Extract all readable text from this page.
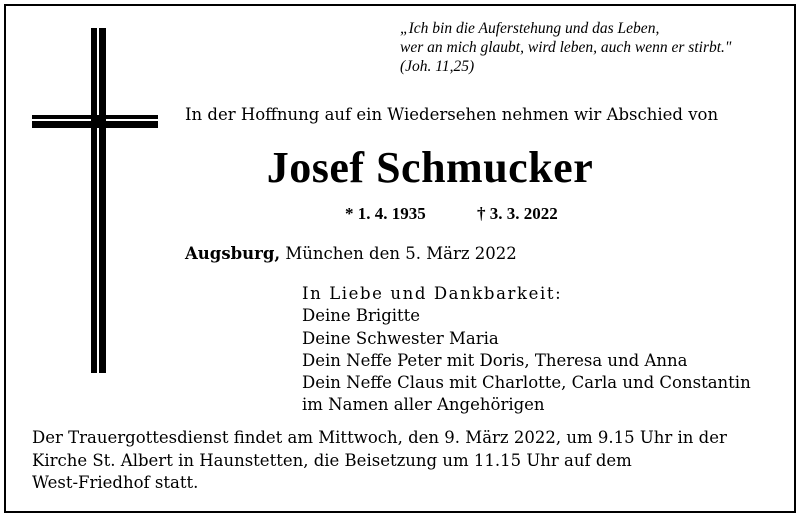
„Ich bin die Auferstehung und das Leben,
wer an mich glaubt, wird leben, auch wenn er stirbt."
(Joh. 11,25)
In der Hoffnung auf ein Wiedersehen nehmen wir Abschied von
Josef Schmucker
* 1. 4. 1935	† 3. 3. 2022
Augsburg, München den 5. März 2022
In Liebe und Dankbarkeit:
Deine Brigitte
Deine Schwester Maria
Dein Neffe Peter mit Doris, Theresa und Anna
Dein Neffe Claus mit Charlotte, Carla und Constantin
im Namen aller Angehörigen
Der Trauergottesdienst findet am Mittwoch, den 9. März 2022, um 9.15 Uhr in der
Kirche St. Albert in Haunstetten, die Beisetzung um 11.15 Uhr auf dem
West-Friedhof statt.
